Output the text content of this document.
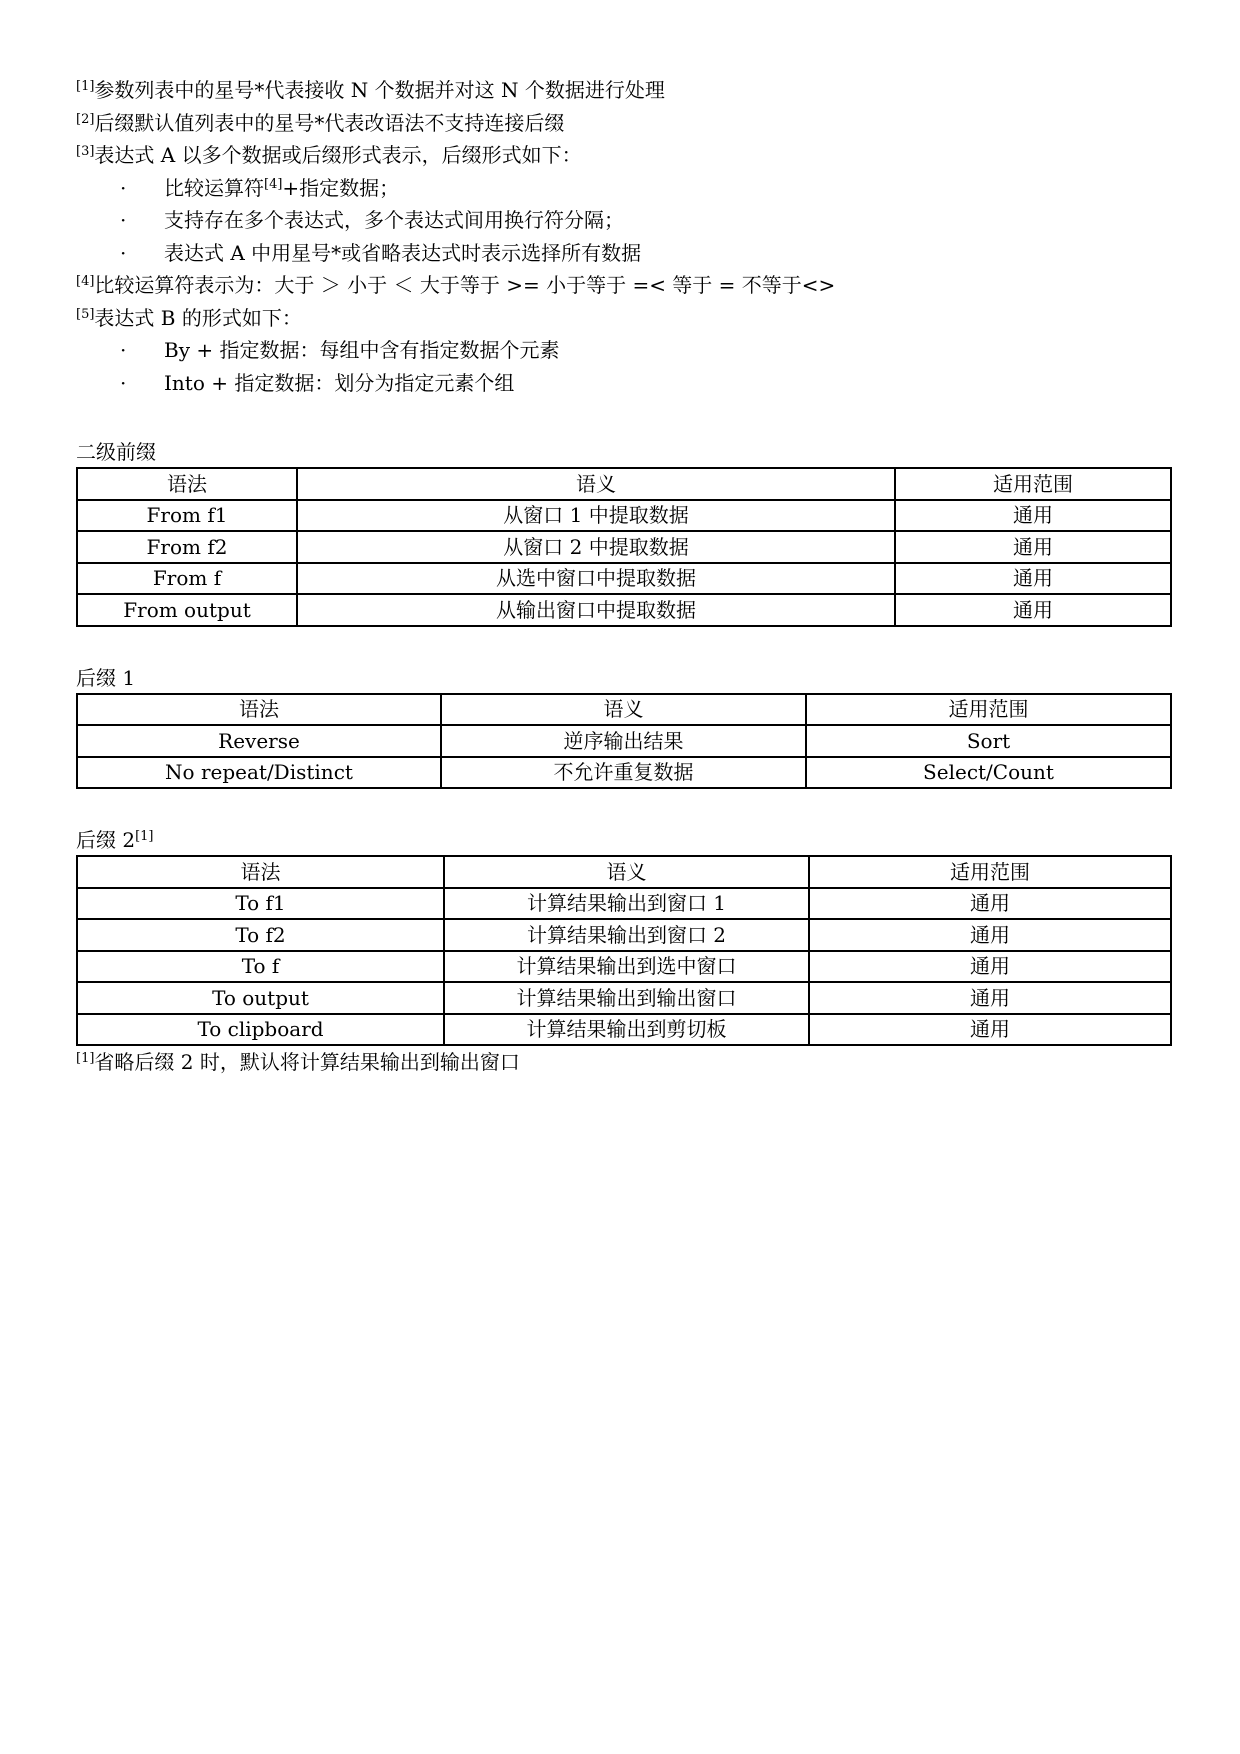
[1]参数列表中的星号*代表接收 N 个数据并对这 N 个数据进行处理
[2]后缀默认值列表中的星号*代表改语法不支持连接后缀
[3]表达式 A 以多个数据或后缀形式表示，后缀形式如下：
· 比较运算符[4]+指定数据；
· 支持存在多个表达式，多个表达式间用换行符分隔；
· 表达式 A 中用星号*或省略表达式时表示选择所有数据
[4]比较运算符表示为：大于 ＞ 小于 ＜ 大于等于 >= 小于等于 =< 等于 = 不等于<>
[5]表达式 B 的形式如下：
· By + 指定数据：每组中含有指定数据个元素
· Into + 指定数据：划分为指定元素个组
二级前缀
语法	语义	适用范围
From f1	从窗口 1 中提取数据	通用
From f2	从窗口 2 中提取数据	通用
From f	从选中窗口中提取数据	通用
From output	从输出窗口中提取数据	通用
后缀 1
语法	语义	适用范围
Reverse	逆序输出结果	Sort
No repeat/Distinct	不允许重复数据	Select/Count
后缀 2[1]
语法	语义	适用范围
To f1	计算结果输出到窗口 1	通用
To f2	计算结果输出到窗口 2	通用
To f	计算结果输出到选中窗口	通用
To output	计算结果输出到输出窗口	通用
To clipboard	计算结果输出到剪切板	通用
[1]省略后缀 2 时，默认将计算结果输出到输出窗口
